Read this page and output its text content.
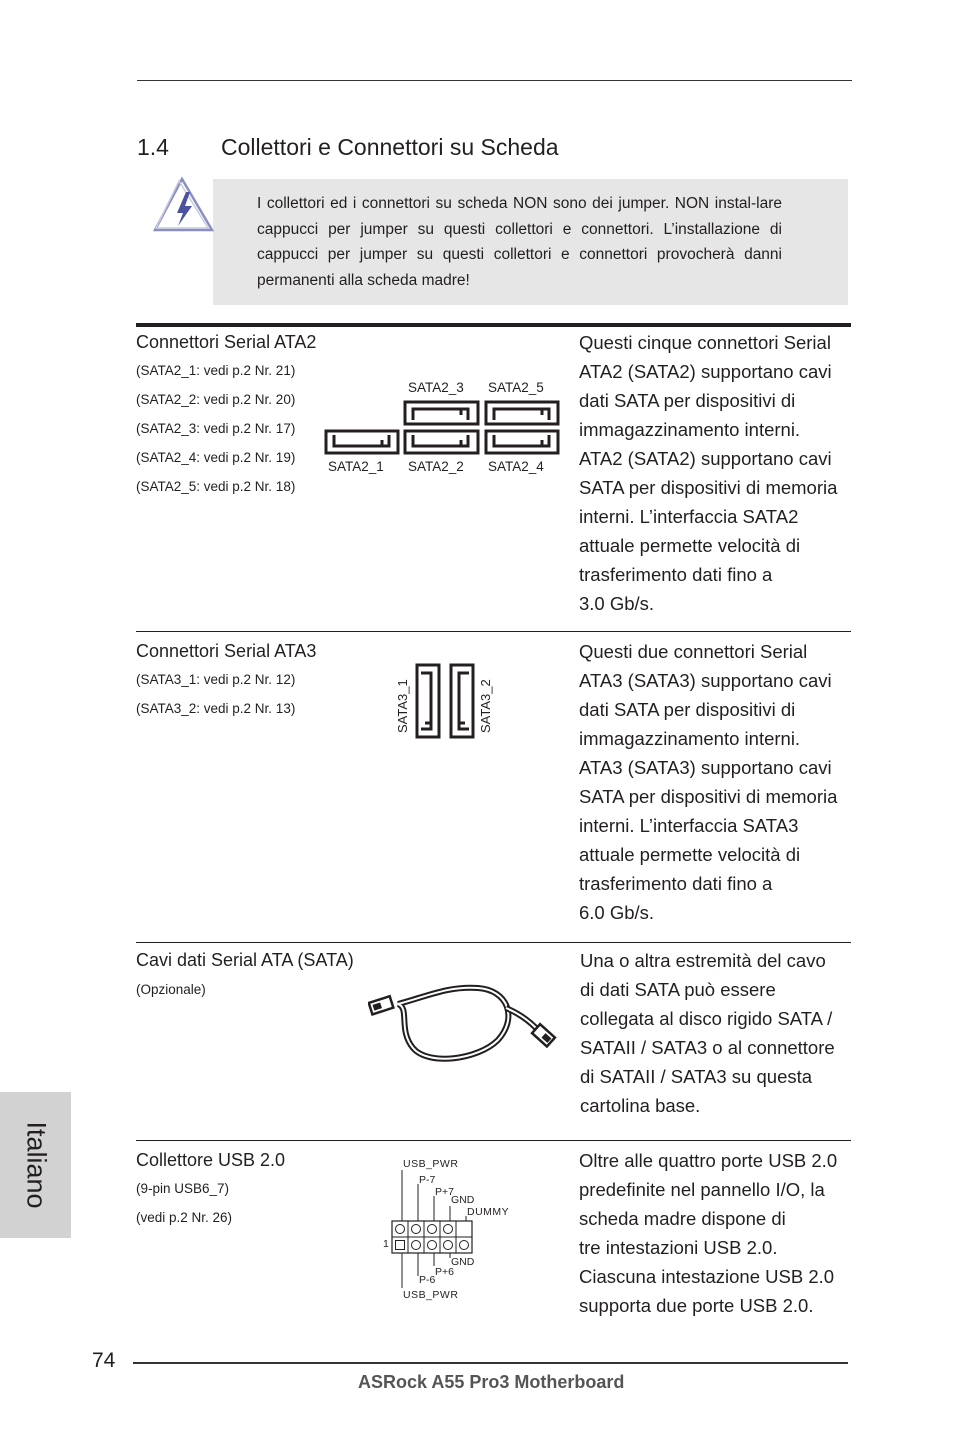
1.4 Collettori e Connettori su Scheda
I collettori ed i connettori su scheda NON sono dei jumper. NON instal-lare cappucci per jumper su questi collettori e connettori. L’installazione di cappucci per jumper su questi collettori e connettori provocherà danni permanenti alla scheda madre!
Connettori Serial ATA2
(SATA2_1: vedi p.2 Nr. 21)
(SATA2_2: vedi p.2 Nr. 20)
(SATA2_3: vedi p.2 Nr. 17)
(SATA2_4: vedi p.2 Nr. 19)
(SATA2_5: vedi p.2 Nr. 18)
SATA2_3 SATA2_5
SATA2_1 SATA2_2 SATA2_4
Questi cinque connettori Serial
ATA2 (SATA2) supportano cavi
dati SATA per dispositivi di
immagazzinamento interni.
ATA2 (SATA2) supportano cavi
SATA per dispositivi di memoria
interni. L’interfaccia SATA2
attuale permette velocità di
trasferimento dati fino a
3.0 Gb/s.
Connettori Serial ATA3
(SATA3_1: vedi p.2 Nr. 12)
(SATA3_2: vedi p.2 Nr. 13)	SATA3_1	SATA3_2
Questi due connettori Serial
ATA3 (SATA3) supportano cavi
dati SATA per dispositivi di
immagazzinamento interni.
ATA3 (SATA3) supportano cavi
SATA per dispositivi di memoria
interni. L’interfaccia SATA3
attuale permette velocità di
trasferimento dati fino a
6.0 Gb/s.
Cavi dati Serial ATA (SATA)
(Opzionale)
Una o altra estremità del cavo
di dati SATA può essere
collegata al disco rigido SATA /
SATAII / SATA3 o al connettore
di SATAII / SATA3 su questa
cartolina base.
Collettore USB 2.0
(9-pin USB6_7)
(vedi p.2 Nr. 26)
USB_PWR
P-7
P+7
GND
DUMMY
1
GND
P+6
P-6
USB_PWR
Oltre alle quattro porte USB 2.0
predefinite nel pannello I/O, la
scheda madre dispone di
tre intestazioni USB 2.0.
Ciascuna intestazione USB 2.0
supporta due porte USB 2.0.
Italiano
74
ASRock A55 Pro3 Motherboard
